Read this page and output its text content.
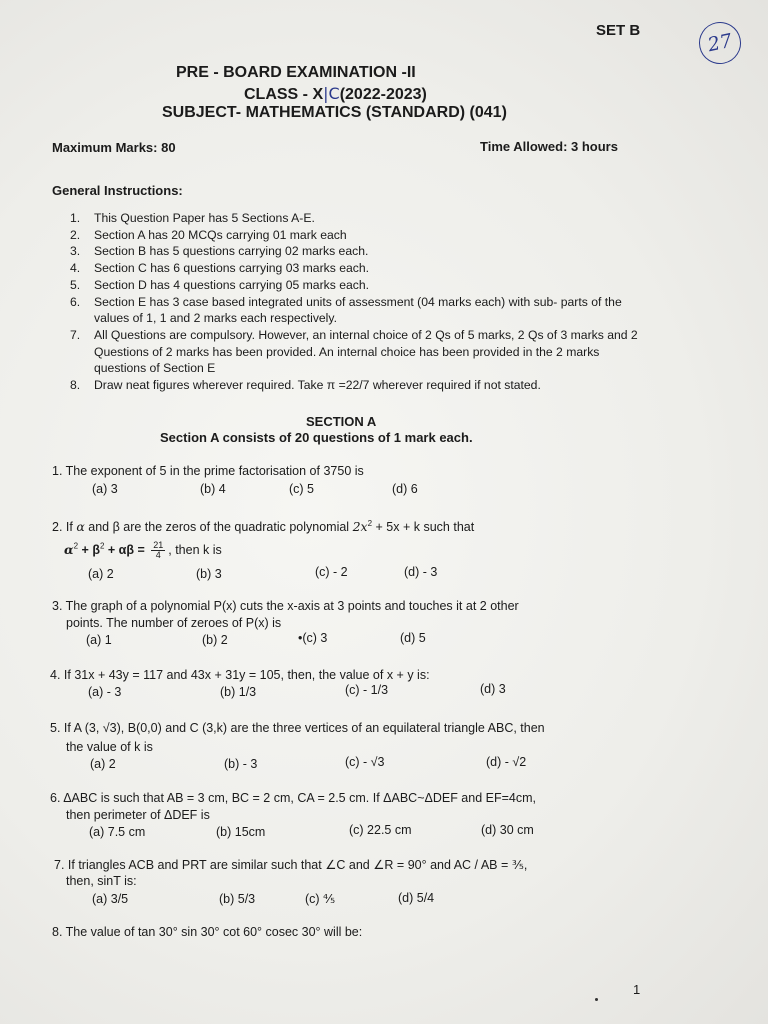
SET B	27
PRE - BOARD EXAMINATION -II
CLASS - X|C(2022-2023)
SUBJECT- MATHEMATICS (STANDARD) (041)
Maximum Marks: 80	Time Allowed: 3 hours
General Instructions:
1.	This Question Paper has 5 Sections A-E.
2.	Section A has 20 MCQs carrying 01 mark each
3.	Section B has 5 questions carrying 02 marks each.
4.	Section C has 6 questions carrying 03 marks each.
5.	Section D has 4 questions carrying 05 marks each.
6.	Section E has 3 case based integrated units of assessment (04 marks each) with sub- parts of the values of 1, 1 and 2 marks each respectively.
7.	All Questions are compulsory. However, an internal choice of 2 Qs of 5 marks, 2 Qs of 3 marks and 2 Questions of 2 marks has been provided. An internal choice has been provided in the 2 marks questions of Section E
8.	Draw neat figures wherever required. Take π =22/7 wherever required if not stated.
SECTION A
Section A consists of 20 questions of 1 mark each.
1. The exponent of 5 in the prime factorisation of 3750 is
(a) 3	(b) 4	(c) 5	(d) 6
2. If α and β are the zeros of the quadratic polynomial $2x^2 + 5x + k$ such that
$\alpha^2 + \beta^2 + \alpha\beta = \frac{21}{4}$ , then k is
(a) 2	(b) 3	(c) - 2	(d) - 3
3. The graph of a polynomial P(x) cuts the x-axis at 3 points and touches it at 2 other
points. The number of zeroes of P(x) is
(a) 1	(b) 2	•(c) 3	(d) 5
4. If 31x + 43y = 117 and 43x + 31y = 105, then, the value of x + y is:
(a) - 3	(b) 1/3	(c) - 1/3	(d) 3
5. If A (3, √3), B(0,0) and C (3,k) are the three vertices of an equilateral triangle ABC, then
the value of k is
(a) 2	(b) - 3	(c) - √3	(d) - √2
6. ΔABC is such that AB = 3 cm, BC = 2 cm, CA = 2.5 cm. If ΔABC~ΔDEF and EF=4cm,
then perimeter of ΔDEF is
(a) 7.5 cm	(b) 15cm	(c) 22.5 cm	(d) 30 cm
7. If triangles ACB and PRT are similar such that ∠C and ∠R = 90° and AC / AB = ⅗,
then, sinT is:
(a) 3/5	(b) 5/3	(c) ⅘	(d) 5/4
8. The value of tan 30° sin 30° cot 60° cosec 30° will be:
1
